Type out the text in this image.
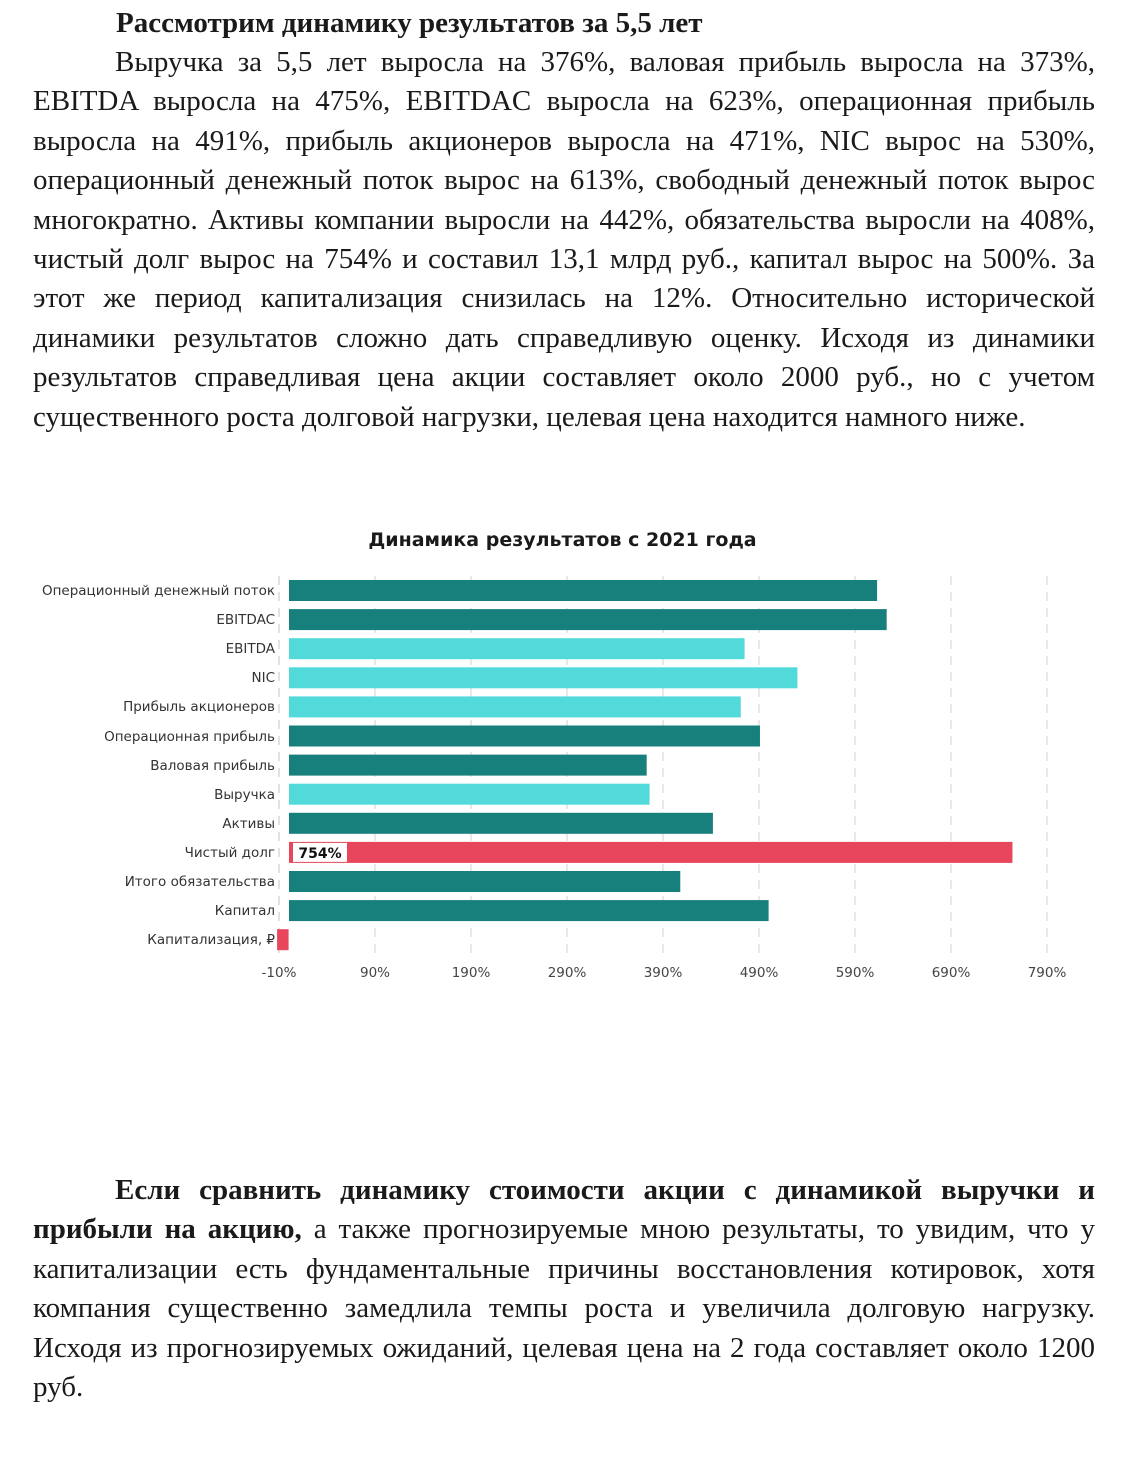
Рассмотрим динамику результатов за 5,5 лет

Выручка за 5,5 лет выросла на 376%, валовая прибыль выросла на 373%, EBITDA выросла на 475%, EBITDAC выросла на 623%, операционная прибыль выросла на 491%, прибыль акционеров выросла на 471%, NIC вырос на 530%, операционный денежный поток вырос на 613%, свободный денежный поток вырос многократно. Активы компании выросли на 442%, обязательства выросли на 408%, чистый долг вырос на 754% и составил 13,1 млрд руб., капитал вырос на 500%. За этот же период капитализация снизилась на 12%. Относительно исторической динамики результатов сложно дать справедливую оценку. Исходя из динамики результатов справедливая цена акции составляет около 2000 руб., но с учетом существенного роста долговой нагрузки, целевая цена находится намного ниже.

Динамика результатов с 2021 года
754%
Операционный денежный поток
EBITDAC
EBITDA
NIC
Прибыль акционеров
Операционная прибыль
Валовая прибыль
Выручка
Активы
Чистый долг
Итого обязательства
Капитал
Капитализация, ₽
-10%	90%	190%	290%	390%	490%	590%	690%	790%

Если сравнить динамику стоимости акции с динамикой выручки и прибыли на акцию, а также прогнозируемые мною результаты, то увидим, что у капитализации есть фундаментальные причины восстановления котировок, хотя компания существенно замедлила темпы роста и увеличила долговую нагрузку. Исходя из прогнозируемых ожиданий, целевая цена на 2 года составляет около 1200 руб.
